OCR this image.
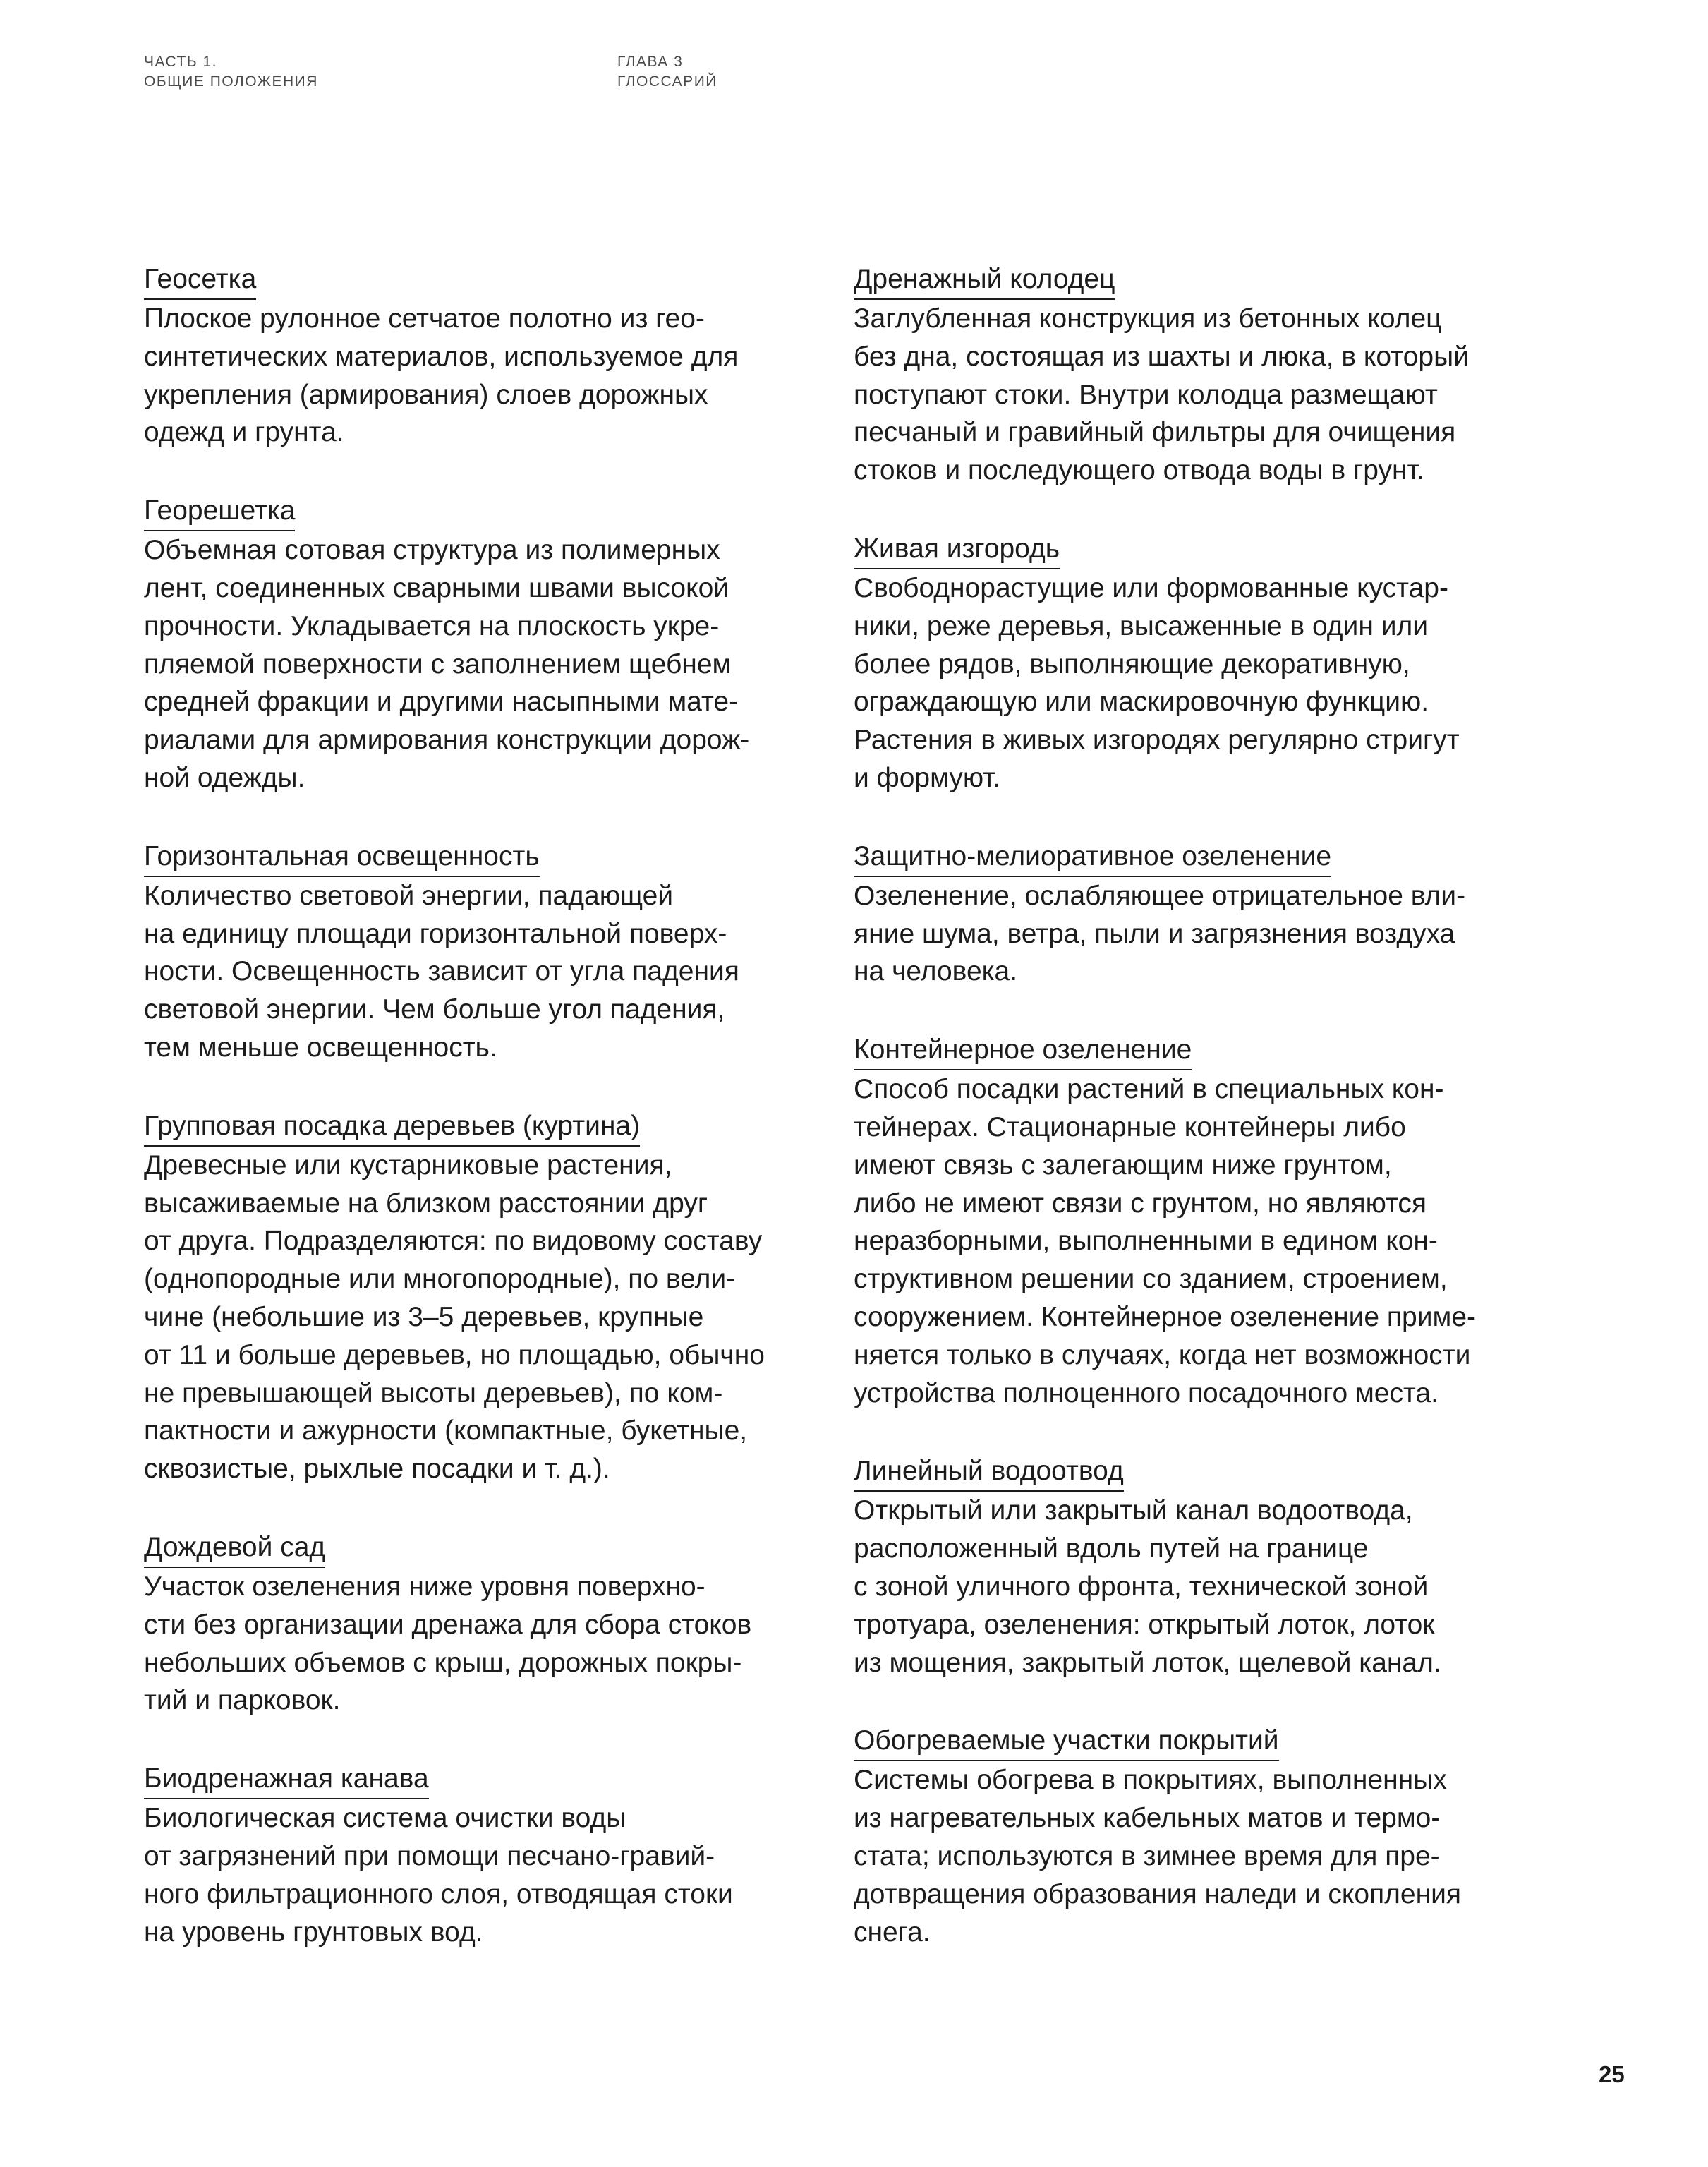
ЧАСТЬ 1.
ОБЩИЕ ПОЛОЖЕНИЯ
ГЛАВА 3
ГЛОССАРИЙ
Геосетка
Плоское рулонное сетчатое полотно из гео-
синтетических материалов, используемое для
укрепления (армирования) слоев дорожных
одежд и грунта.
Георешетка
Объемная сотовая структура из полимерных
лент, соединенных сварными швами высокой
прочности. Укладывается на плоскость укре-
пляемой поверхности с заполнением щебнем
средней фракции и другими насыпными мате-
риалами для армирования конструкции дорож-
ной одежды.
Горизонтальная освещенность
Количество световой энергии, падающей
на единицу площади горизонтальной поверх-
ности. Освещенность зависит от угла падения
световой энергии. Чем больше угол падения,
тем меньше освещенность.
Групповая посадка деревьев (куртина)
Древесные или кустарниковые растения,
высаживаемые на близком расстоянии друг
от друга. Подразделяются: по видовому составу
(однопородные или многопородные), по вели-
чине (небольшие из 3–5 деревьев, крупные
от 11 и больше деревьев, но площадью, обычно
не превышающей высоты деревьев), по ком-
пактности и ажурности (компактные, букетные,
сквозистые, рыхлые посадки и т. д.).
Дождевой сад
Участок озеленения ниже уровня поверхно-
сти без организации дренажа для сбора стоков
небольших объемов с крыш, дорожных покры-
тий и парковок.
Биодренажная канава
Биологическая система очистки воды
от загрязнений при помощи песчано-гравий-
ного фильтрационного слоя, отводящая стоки
на уровень грунтовых вод.
Дренажный колодец
Заглубленная конструкция из бетонных колец
без дна, состоящая из шахты и люка, в который
поступают стоки. Внутри колодца размещают
песчаный и гравийный фильтры для очищения
стоков и последующего отвода воды в грунт.
Живая изгородь
Свободнорастущие или формованные кустар-
ники, реже деревья, высаженные в один или
более рядов, выполняющие декоративную,
ограждающую или маскировочную функцию.
Растения в живых изгородях регулярно стригут
и формуют.
Защитно-мелиоративное озеленение
Озеленение, ослабляющее отрицательное вли-
яние шума, ветра, пыли и загрязнения воздуха
на человека.
Контейнерное озеленение
Способ посадки растений в специальных кон-
тейнерах. Стационарные контейнеры либо
имеют связь с залегающим ниже грунтом,
либо не имеют связи с грунтом, но являются
неразборными, выполненными в едином кон-
структивном решении со зданием, строением,
сооружением. Контейнерное озеленение приме-
няется только в случаях, когда нет возможности
устройства полноценного посадочного места.
Линейный водоотвод
Открытый или закрытый канал водоотвода,
расположенный вдоль путей на границе
с зоной уличного фронта, технической зоной
тротуара, озеленения: открытый лоток, лоток
из мощения, закрытый лоток, щелевой канал.
Обогреваемые участки покрытий
Системы обогрева в покрытиях, выполненных
из нагревательных кабельных матов и термо-
стата; используются в зимнее время для пре-
дотвращения образования наледи и скопления
снега.
25
